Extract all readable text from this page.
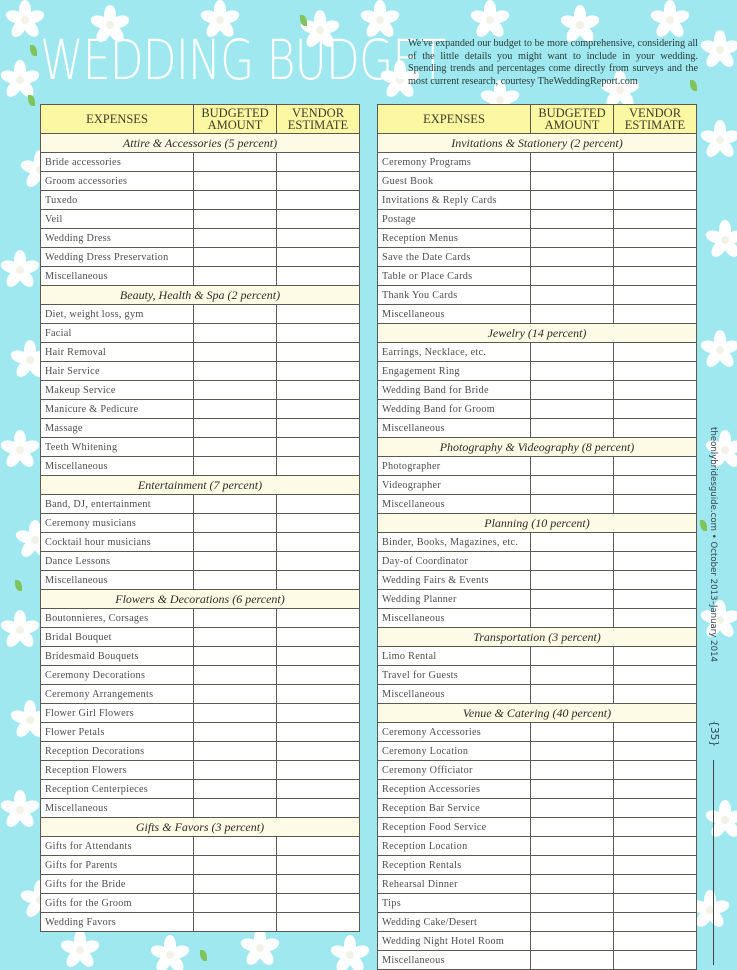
WEDDING BUDGET
We've expanded our budget to be more comprehensive, considering all of the little details you might want to include in your wedding. Spending trends and percentages come directly from surveys and the most current research, courtesy TheWeddingReport.com
EXPENSES	BUDGETED AMOUNT	VENDOR ESTIMATE
Attire & Accessories (5 percent)		
Bride accessories		
Groom accessories		
Tuxedo		
Veil		
Wedding Dress		
Wedding Dress Preservation		
Miscellaneous		
Beauty, Health & Spa (2 percent)		
Diet, weight loss, gym		
Facial		
Hair Removal		
Hair Service		
Makeup Service		
Manicure & Pedicure		
Massage		
Teeth Whitening		
Miscellaneous		
Entertainment (7 percent)		
Band, DJ, entertainment		
Ceremony musicians		
Cocktail hour musicians		
Dance Lessons		
Miscellaneous		
Flowers & Decorations (6 percent)		
Boutonnieres, Corsages		
Bridal Bouquet		
Bridesmaid Bouquets		
Ceremony Decorations		
Ceremony Arrangements		
Flower Girl Flowers		
Flower Petals		
Reception Decorations		
Reception Flowers		
Reception Centerpieces		
Miscellaneous		
Gifts & Favors (3 percent)		
Gifts for Attendants		
Gifts for Parents		
Gifts for the Bride		
Gifts for the Groom		
Wedding Favors		
EXPENSES	BUDGETED AMOUNT	VENDOR ESTIMATE
Invitations & Stationery (2 percent)		
Ceremony Programs		
Guest Book		
Invitations & Reply Cards		
Postage		
Reception Menus		
Save the Date Cards		
Table or Place Cards		
Thank You Cards		
Miscellaneous		
Jewelry (14 percent)		
Earrings, Necklace, etc.		
Engagement Ring		
Wedding Band for Bride		
Wedding Band for Groom		
Miscellaneous		
Photography & Videography (8 percent)		
Photographer		
Videographer		
Miscellaneous		
Planning (10 percent)		
Binder, Books, Magazines, etc.		
Day-of Coordinator		
Wedding Fairs & Events		
Wedding Planner		
Miscellaneous		
Transportation (3 percent)		
Limo Rental		
Travel for Guests		
Miscellaneous		
Venue & Catering (40 percent)		
Ceremony Accessories		
Ceremony Location		
Ceremony Officiator		
Reception Accessories		
Reception Bar Service		
Reception Food Service		
Reception Location		
Reception Rentals		
Rehearsal Dinner		
Tips		
Wedding Cake/Desert		
Wedding Night Hotel Room		
Miscellaneous		
theonlybridesguide.com • October 2013–January 2014
{35}
